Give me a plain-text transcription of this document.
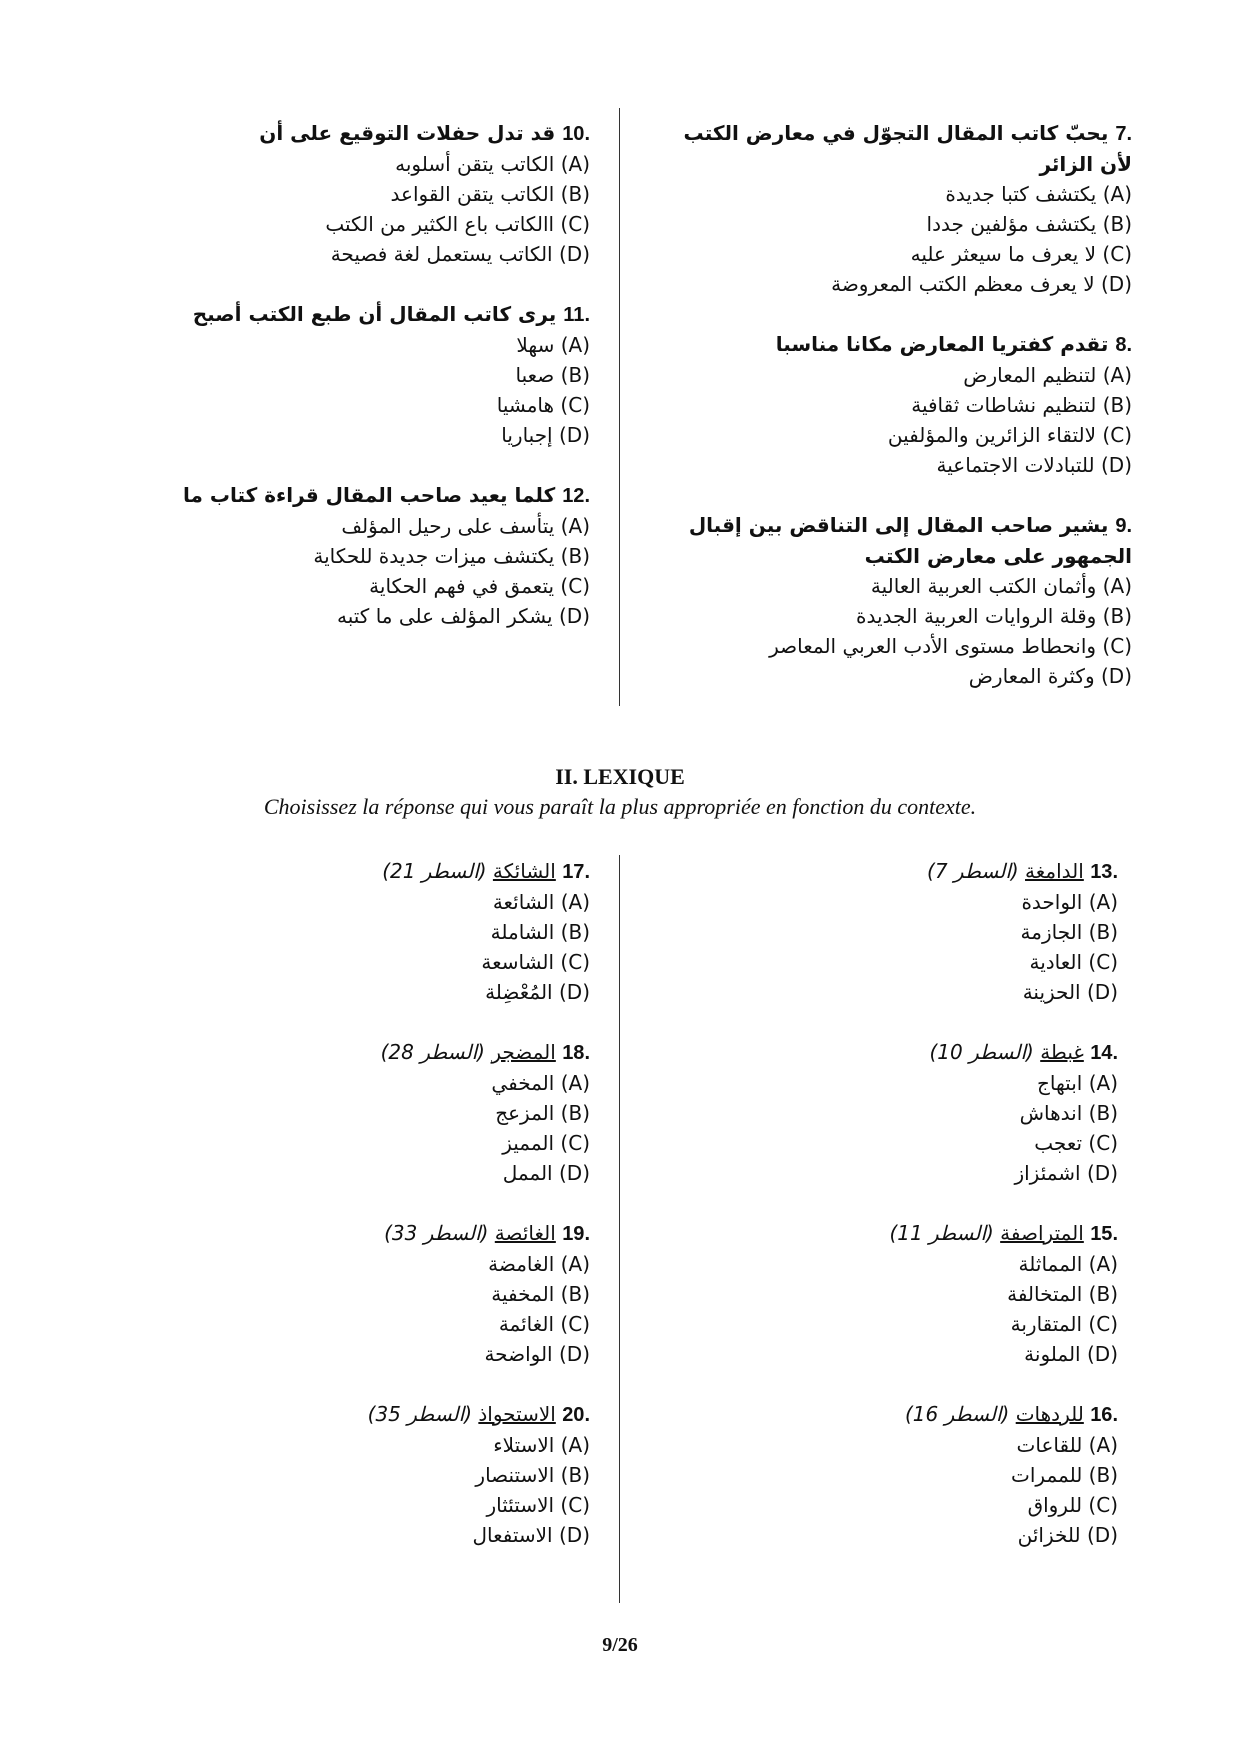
.7 يحبّ كاتب المقال التجوّل في معارض الكتب لأن الزائر
(A) يكتشف كتبا جديدة
(B) يكتشف مؤلفين جددا
(C) لا يعرف ما سيعثر عليه
(D) لا يعرف معظم الكتب المعروضة
.8 تقدم كفتريا المعارض مكانا مناسبا
(A) لتنظيم المعارض
(B) لتنظيم نشاطات ثقافية
(C) لالتقاء الزائرين والمؤلفين
(D) للتبادلات الاجتماعية
.9 يشير صاحب المقال إلى التناقض بين إقبال الجمهور على معارض الكتب
(A) وأثمان الكتب العربية العالية
(B) وقلة الروايات العربية الجديدة
(C) وانحطاط مستوى الأدب العربي المعاصر
(D) وكثرة المعارض
.10 قد تدل حفلات التوقيع على أن
(A) الكاتب يتقن أسلوبه
(B) الكاتب يتقن القواعد
(C) االكاتب باع الكثير من الكتب
(D) الكاتب يستعمل لغة فصيحة
.11 يرى كاتب المقال أن طبع الكتب أصبح
(A) سهلا
(B) صعبا
(C) هامشيا
(D) إجباريا
.12 كلما يعيد صاحب المقال قراءة كتاب ما
(A) يتأسف على رحيل المؤلف
(B) يكتشف ميزات جديدة للحكاية
(C) يتعمق في فهم الحكاية
(D) يشكر المؤلف على ما كتبه
II. LEXIQUE
Choisissez la réponse qui vous paraît la plus appropriée en fonction du contexte.
.13 الدامغة (السطر 7)
(A) الواحدة
(B) الجازمة
(C) العادية
(D) الحزينة
.14 غبطة (السطر 10)
(A) ابتهاج
(B) اندهاش
(C) تعجب
(D) اشمئزاز
.15 المتراصفة (السطر 11)
(A) المماثلة
(B) المتخالفة
(C) المتقاربة
(D) الملونة
.16 للردهات (السطر 16)
(A) للقاعات
(B) للممرات
(C) للرواق
(D) للخزائن
.17 الشائكة (السطر 21)
(A) الشائعة
(B) الشاملة
(C) الشاسعة
(D) المُعْضِلة
.18 المضجر (السطر 28)
(A) المخفي
(B) المزعج
(C) المميز
(D) الممل
.19 الغائصة (السطر 33)
(A) الغامضة
(B) المخفية
(C) الغائمة
(D) الواضحة
.20 الاستحواذ (السطر 35)
(A) الاستلاء
(B) الاستنصار
(C) الاستئثار
(D) الاستفعال
9/26
